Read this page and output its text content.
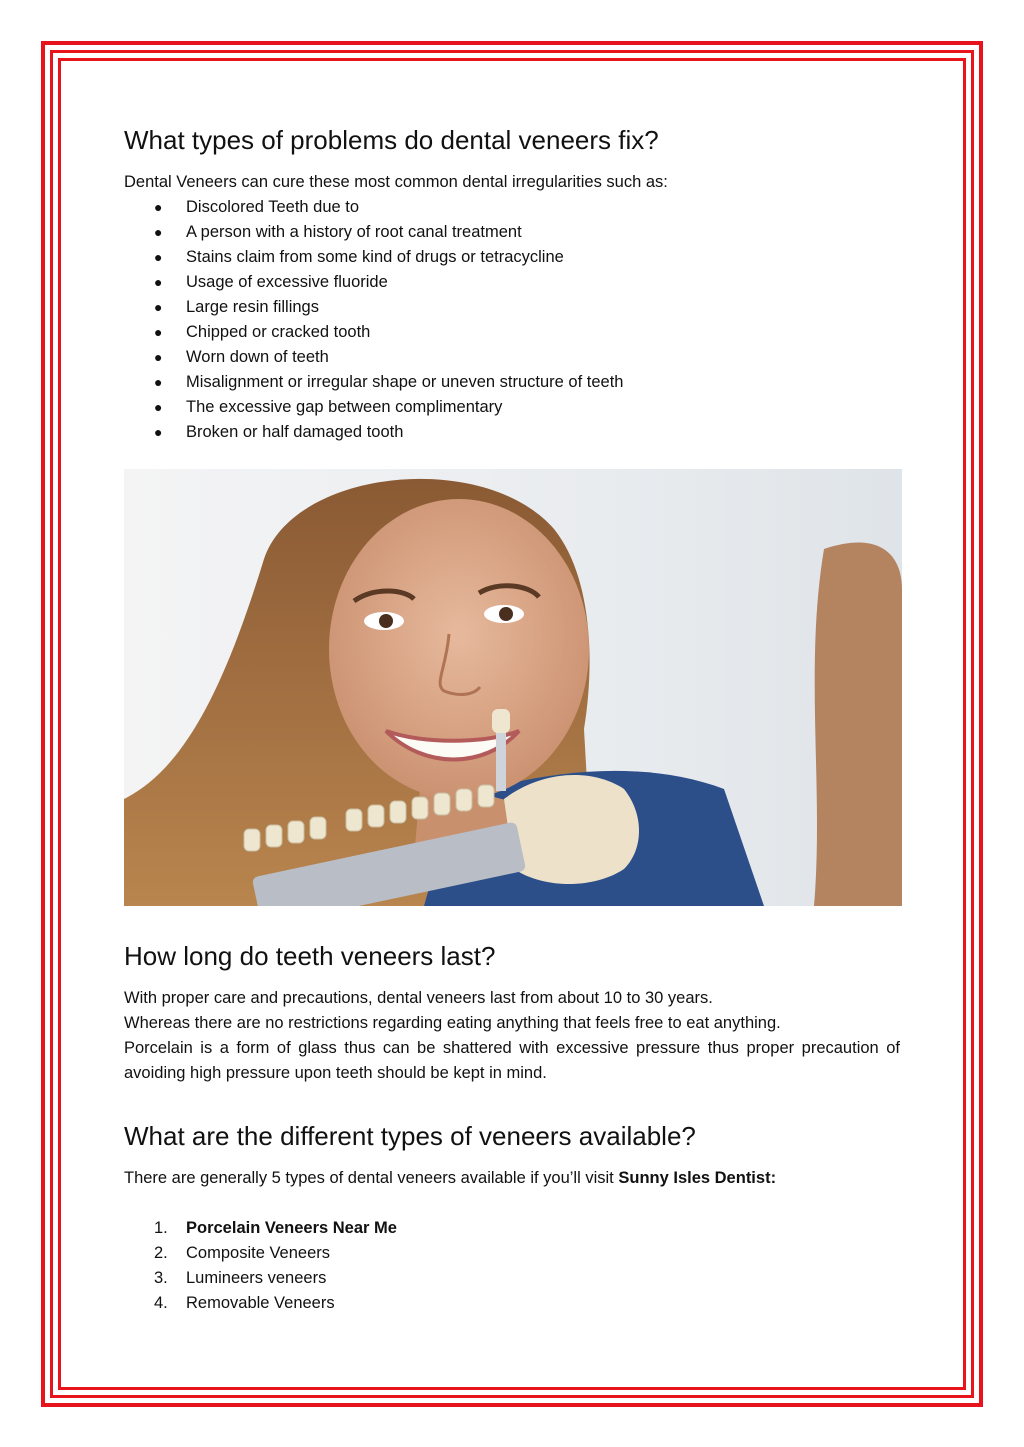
What types of problems do dental veneers fix?

Dental Veneers can cure these most common dental irregularities such as:

● Discolored Teeth due to
● A person with a history of root canal treatment
● Stains claim from some kind of drugs or tetracycline
● Usage of excessive fluoride
● Large resin fillings
● Chipped or cracked tooth
● Worn down of teeth
● Misalignment or irregular shape or uneven structure of teeth
● The excessive gap between complimentary
● Broken or half damaged tooth
How long do teeth veneers last?

With proper care and precautions, dental veneers last from about 10 to 30 years.

Whereas there are no restrictions regarding eating anything that feels free to eat anything.

Porcelain is a form of glass thus can be shattered with excessive pressure thus proper precaution of avoiding high pressure upon teeth should be kept in mind.

What are the different types of veneers available?

There are generally 5 types of dental veneers available if you’ll visit Sunny Isles Dentist:

1. Porcelain Veneers Near Me
2. Composite Veneers
3. Lumineers veneers
4. Removable Veneers
